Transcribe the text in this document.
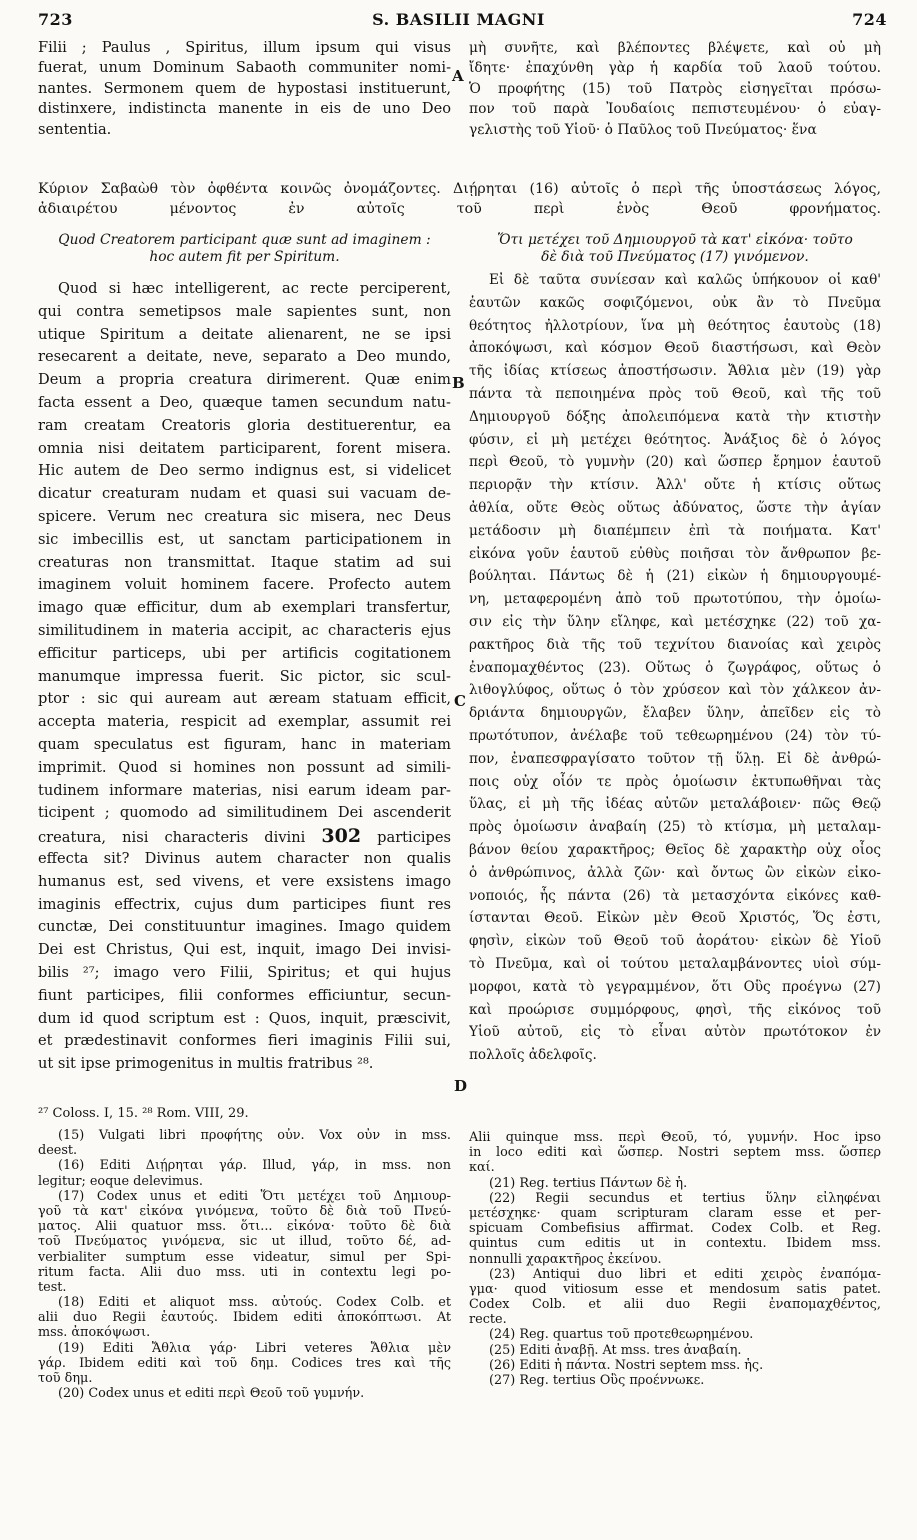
723	S. BASILII MAGNI	724
Filii ; Paulus , Spiritus, illum ipsum qui visus
fuerat, unum Dominum Sabaoth communiter nomi-
nantes. Sermonem quem de hypostasi instituerunt,
distinxere, indistincta manente in eis de uno Deo
sententia.
μὴ συνῆτε, καὶ βλέποντες βλέψετε, καὶ οὐ μὴ
ἴδητε· ἐπαχύνθη γὰρ ἡ καρδία τοῦ λαοῦ τούτου.
Ὁ προφήτης (15) τοῦ Πατρὸς εἰσηγεῖται πρόσω-
πον τοῦ παρὰ Ἰουδαίοις πεπιστευμένου· ὁ εὐαγ-
γελιστὴς τοῦ Υἱοῦ· ὁ Παῦλος τοῦ Πνεύματος· ἕνα
Κύριον Σαβαὼθ τὸν ὀφθέντα κοινῶς ὀνομάζοντες. Διῄρηται (16) αὐτοῖς ὁ περὶ τῆς ὑποστάσεως λόγος,
ἀδιαιρέτου μένοντος ἐν αὐτοῖς τοῦ περὶ ἑνὸς Θεοῦ φρονήματος.
Quod Creatorem participant quæ sunt ad imaginem :
hoc autem fit per Spiritum.
Ὅτι μετέχει τοῦ Δημιουργοῦ τὰ κατ' εἰκόνα· τοῦτο
δὲ διὰ τοῦ Πνεύματος (17) γινόμενον.
Quod si hæc intelligerent, ac recte perciperent,
qui contra semetipsos male sapientes sunt, non
utique Spiritum a deitate alienarent, ne se ipsi
resecarent a deitate, neve, separato a Deo mundo,
Deum a propria creatura dirimerent. Quæ enim
facta essent a Deo, quæque tamen secundum natu-
ram creatam Creatoris gloria destituerentur, ea
omnia nisi deitatem participarent, forent misera.
Hic autem de Deo sermo indignus est, si videlicet
dicatur creaturam nudam et quasi sui vacuam de-
spicere. Verum nec creatura sic misera, nec Deus
sic imbecillis est, ut sanctam participationem in
creaturas non transmittat. Itaque statim ad sui
imaginem voluit hominem facere. Profecto autem
imago quæ efficitur, dum ab exemplari transfertur,
similitudinem in materia accipit, ac characteris ejus
efficitur particeps, ubi per artificis cogitationem
manumque impressa fuerit. Sic pictor, sic scul-
ptor : sic qui auream aut æream statuam efficit,
accepta materia, respicit ad exemplar, assumit rei
quam speculatus est figuram, hanc in materiam
imprimit. Quod si homines non possunt ad simili-
tudinem informare materias, nisi earum ideam par-
ticipent ; quomodo ad similitudinem Dei ascenderit
creatura, nisi characteris divini 302 participes
effecta sit? Divinus autem character non qualis
humanus est, sed vivens, et vere exsistens imago
imaginis effectrix, cujus dum participes fiunt res
cunctæ, Dei constituuntur imagines. Imago quidem
Dei est Christus, Qui est, inquit, imago Dei invisi-
bilis ²⁷; imago vero Filii, Spiritus; et qui hujus
fiunt participes, filii conformes efficiuntur, secun-
dum id quod scriptum est : Quos, inquit, præscivit,
et prædestinavit conformes fieri imaginis Filii sui,
ut sit ipse primogenitus in multis fratribus ²⁸.
Εἰ δὲ ταῦτα συνίεσαν καὶ καλῶς ὑπήκουον οἱ καθ'
ἑαυτῶν κακῶς σοφιζόμενοι, οὐκ ἂν τὸ Πνεῦμα
θεότητος ἠλλοτρίουν, ἵνα μὴ θεότητος ἑαυτοὺς (18)
ἀποκόψωσι, καὶ κόσμον Θεοῦ διαστήσωσι, καὶ Θεὸν
τῆς ἰδίας κτίσεως ἀποστήσωσιν. Ἄθλια μὲν (19) γὰρ
πάντα τὰ πεποιημένα πρὸς τοῦ Θεοῦ, καὶ τῆς τοῦ
Δημιουργοῦ δόξης ἀπολειπόμενα κατὰ τὴν κτιστὴν
φύσιν, εἰ μὴ μετέχει θεότητος. Ἀνάξιος δὲ ὁ λόγος
περὶ Θεοῦ, τὸ γυμνὴν (20) καὶ ὥσπερ ἔρημον ἑαυτοῦ
περιορᾷν τὴν κτίσιν. Ἀλλ' οὔτε ἡ κτίσις οὕτως
ἀθλία, οὔτε Θεὸς οὕτως ἀδύνατος, ὥστε τὴν ἁγίαν
μετάδοσιν μὴ διαπέμπειν ἐπὶ τὰ ποιήματα. Κατ'
εἰκόνα γοῦν ἑαυτοῦ εὐθὺς ποιῆσαι τὸν ἄνθρωπον βε-
βούληται. Πάντως δὲ ἡ (21) εἰκὼν ἡ δημιουργουμέ-
νη, μεταφερομένη ἀπὸ τοῦ πρωτοτύπου, τὴν ὁμοίω-
σιν εἰς τὴν ὕλην εἴληφε, καὶ μετέσχηκε (22) τοῦ χα-
ρακτῆρος διὰ τῆς τοῦ τεχνίτου διανοίας καὶ χειρὸς
ἐναπομαχθέντος (23). Οὕτως ὁ ζωγράφος, οὕτως ὁ
λιθογλύφος, οὕτως ὁ τὸν χρύσεον καὶ τὸν χάλκεον ἀν-
δριάντα δημιουργῶν, ἔλαβεν ὕλην, ἀπεῖδεν εἰς τὸ
πρωτότυπον, ἀνέλαβε τοῦ τεθεωρημένου (24) τὸν τύ-
πον, ἐναπεσφραγίσατο τοῦτον τῇ ὕλῃ. Εἰ δὲ ἀνθρώ-
ποις οὐχ οἷόν τε πρὸς ὁμοίωσιν ἐκτυπωθῆναι τὰς
ὕλας, εἰ μὴ τῆς ἰδέας αὐτῶν μεταλάβοιεν· πῶς Θεῷ
πρὸς ὁμοίωσιν ἀναβαίη (25) τὸ κτίσμα, μὴ μεταλαμ-
βάνον θείου χαρακτῆρος; Θεῖος δὲ χαρακτὴρ οὐχ οἷος
ὁ ἀνθρώπινος, ἀλλὰ ζῶν· καὶ ὄντως ὢν εἰκὼν εἰκο-
νοποιός, ἧς πάντα (26) τὰ μετασχόντα εἰκόνες καθ-
ίστανται Θεοῦ. Εἰκὼν μὲν Θεοῦ Χριστός, Ὅς ἐστι,
φησὶν, εἰκὼν τοῦ Θεοῦ τοῦ ἀοράτου· εἰκὼν δὲ Υἱοῦ
τὸ Πνεῦμα, καὶ οἱ τούτου μεταλαμβάνοντες υἱοὶ σύμ-
μορφοι, κατὰ τὸ γεγραμμένον, ὅτι Οὓς προέγνω (27)
καὶ προώρισε συμμόρφους, φησὶ, τῆς εἰκόνος τοῦ
Υἱοῦ αὐτοῦ, εἰς τὸ εἶναι αὐτὸν πρωτότοκον ἐν
πολλοῖς ἀδελφοῖς.
A
B
C
D
²⁷ Coloss. I, 15. ²⁸ Rom. VIII, 29.
(15) Vulgati libri προφήτης οὖν. Vox οὖν in mss.
deest.
(16) Editi Διῄρηται γάρ. Illud, γάρ, in mss. non
legitur; eoque delevimus.
(17) Codex unus et editi Ὅτι μετέχει τοῦ Δημιουρ-
γοῦ τὰ κατ' εἰκόνα γινόμενα, τοῦτο δὲ διὰ τοῦ Πνεύ-
ματος. Alii quatuor mss. ὅτι... εἰκόνα· τοῦτο δὲ διὰ
τοῦ Πνεύματος γινόμενα, sic ut illud, τοῦτο δέ, ad-
verbialiter sumptum esse videatur, simul per Spi-
ritum facta. Alii duo mss. uti in contextu legi po-
test.
(18) Editi et aliquot mss. αὐτούς. Codex Colb. et
alii duo Regii ἑαυτούς. Ibidem editi ἀποκόπτωσι. At
mss. ἀποκόψωσι.
(19) Editi Ἄθλια γάρ· Libri veteres Ἄθλια μὲν
γάρ. Ibidem editi καὶ τοῦ δημ. Codices tres καὶ τῆς
τοῦ δημ.
(20) Codex unus et editi περὶ Θεοῦ τοῦ γυμνήν.
Alii quinque mss. περὶ Θεοῦ, τό, γυμνήν. Hoc ipso
in loco editi καὶ ὥσπερ. Nostri septem mss. ὥσπερ
καί.
(21) Reg. tertius Πάντων δὲ ἡ.
(22) Regii secundus et tertius ὕλην εἰληφέναι
μετέσχηκε· quam scripturam claram esse et per-
spicuam Combefisius affirmat. Codex Colb. et Reg.
quintus cum editis ut in contextu. Ibidem mss.
nonnulli χαρακτῆρος ἐκείνου.
(23) Antiqui duo libri et editi χειρὸς ἐναπόμα-
γμα· quod vitiosum esse et mendosum satis patet.
Codex Colb. et alii duo Regii ἐναπομαχθέντος,
recte.
(24) Reg. quartus τοῦ προτεθεωρημένου.
(25) Editi ἀναβῇ. At mss. tres ἀναβαίη.
(26) Editi ἧ πάντα. Nostri septem mss. ἧς.
(27) Reg. tertius Οὓς προέννωκε.
